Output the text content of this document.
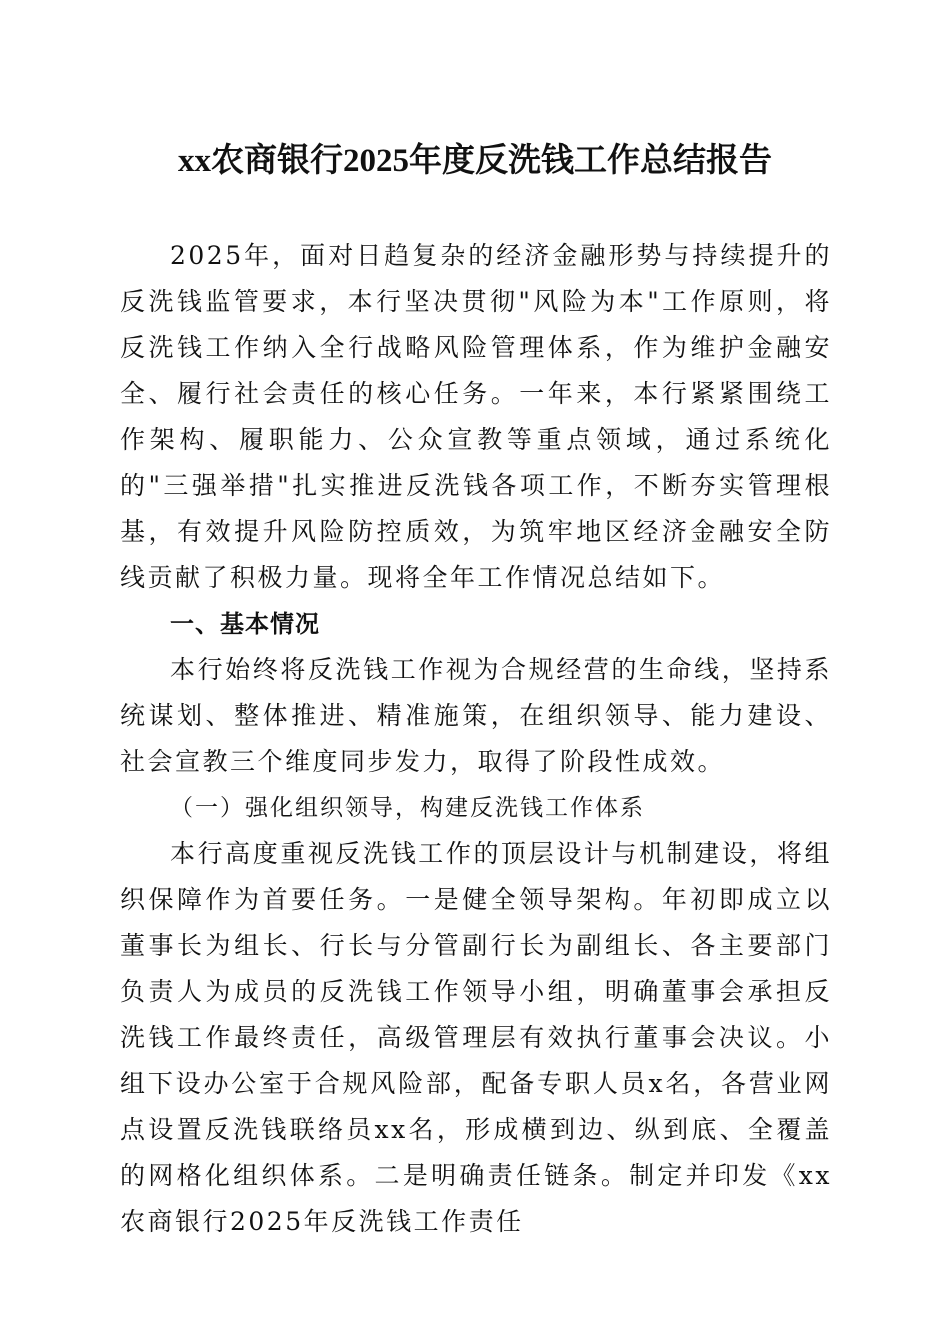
xx农商银行2025年度反洗钱工作总结报告

2025年，面对日趋复杂的经济金融形势与持续提升的反洗钱监管要求，本行坚决贯彻"风险为本"工作原则，将反洗钱工作纳入全行战略风险管理体系，作为维护金融安全、履行社会责任的核心任务。一年来，本行紧紧围绕工作架构、履职能力、公众宣教等重点领域，通过系统化的"三强举措"扎实推进反洗钱各项工作，不断夯实管理根基，有效提升风险防控质效，为筑牢地区经济金融安全防线贡献了积极力量。现将全年工作情况总结如下。

一、基本情况

本行始终将反洗钱工作视为合规经营的生命线，坚持系统谋划、整体推进、精准施策，在组织领导、能力建设、社会宣教三个维度同步发力，取得了阶段性成效。

（一）强化组织领导，构建反洗钱工作体系

本行高度重视反洗钱工作的顶层设计与机制建设，将组织保障作为首要任务。一是健全领导架构。年初即成立以董事长为组长、行长与分管副行长为副组长、各主要部门负责人为成员的反洗钱工作领导小组，明确董事会承担反洗钱工作最终责任，高级管理层有效执行董事会决议。小组下设办公室于合规风险部，配备专职人员x名，各营业网点设置反洗钱联络员xx名，形成横到边、纵到底、全覆盖的网格化组织体系。二是明确责任链条。制定并印发《xx农商银行2025年反洗钱工作责任
